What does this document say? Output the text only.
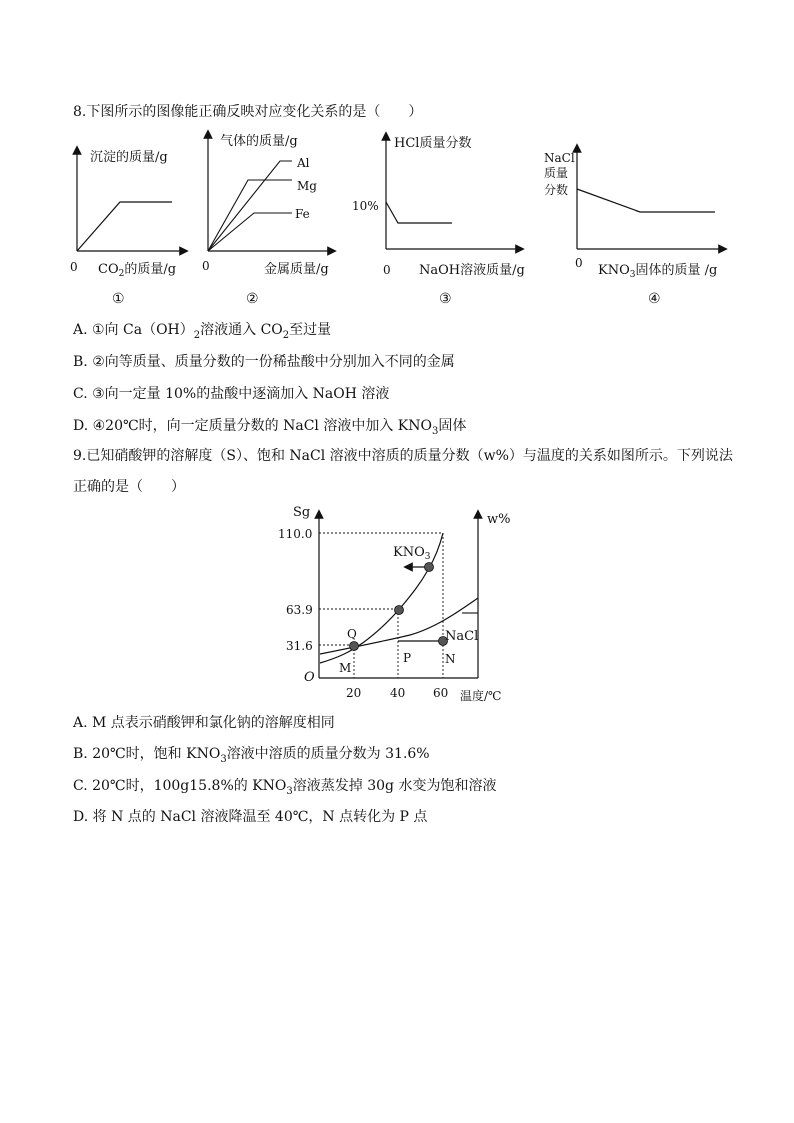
8.下图所示的图像能正确反映对应变化关系的是（　　）
沉淀的质量/g
0 $CO_2$的质量/g
①
气体的质量/g
Al
Mg
Fe
0	金属质量/g
②
HCl质量分数
10%
0 NaOH溶液质量/g
③
NaCl
质量
分数
0 $KNO_3$固体的质量 /g
④
A. ①向 $Ca(OH)_2$溶液通入 $CO_2$至过量
B. ②向等质量、质量分数的一份稀盐酸中分别加入不同的金属
C. ③向一定量 10%的盐酸中逐滴加入 NaOH 溶液
D. ④20℃时，向一定质量分数的 NaCl 溶液中加入 $KNO_3$固体
9.已知硝酸钾的溶解度（S）、饱和 NaCl 溶液中溶质的质量分数（w%）与温度的关系如图所示。下列说法
正确的是（　　）
Sg	w%
110.0
63.9
31.6
O
20 40 60 温度/℃
$KNO_3$
NaCl
Q
M
P	N
A. M 点表示硝酸钾和氯化钠的溶解度相同
B. 20℃时，饱和 $KNO_3$溶液中溶质的质量分数为 31.6%
C. 20℃时，100g15.8%的 $KNO_3$溶液蒸发掉 30g 水变为饱和溶液
D. 将 N 点的 NaCl 溶液降温至 40℃，N 点转化为 P 点
